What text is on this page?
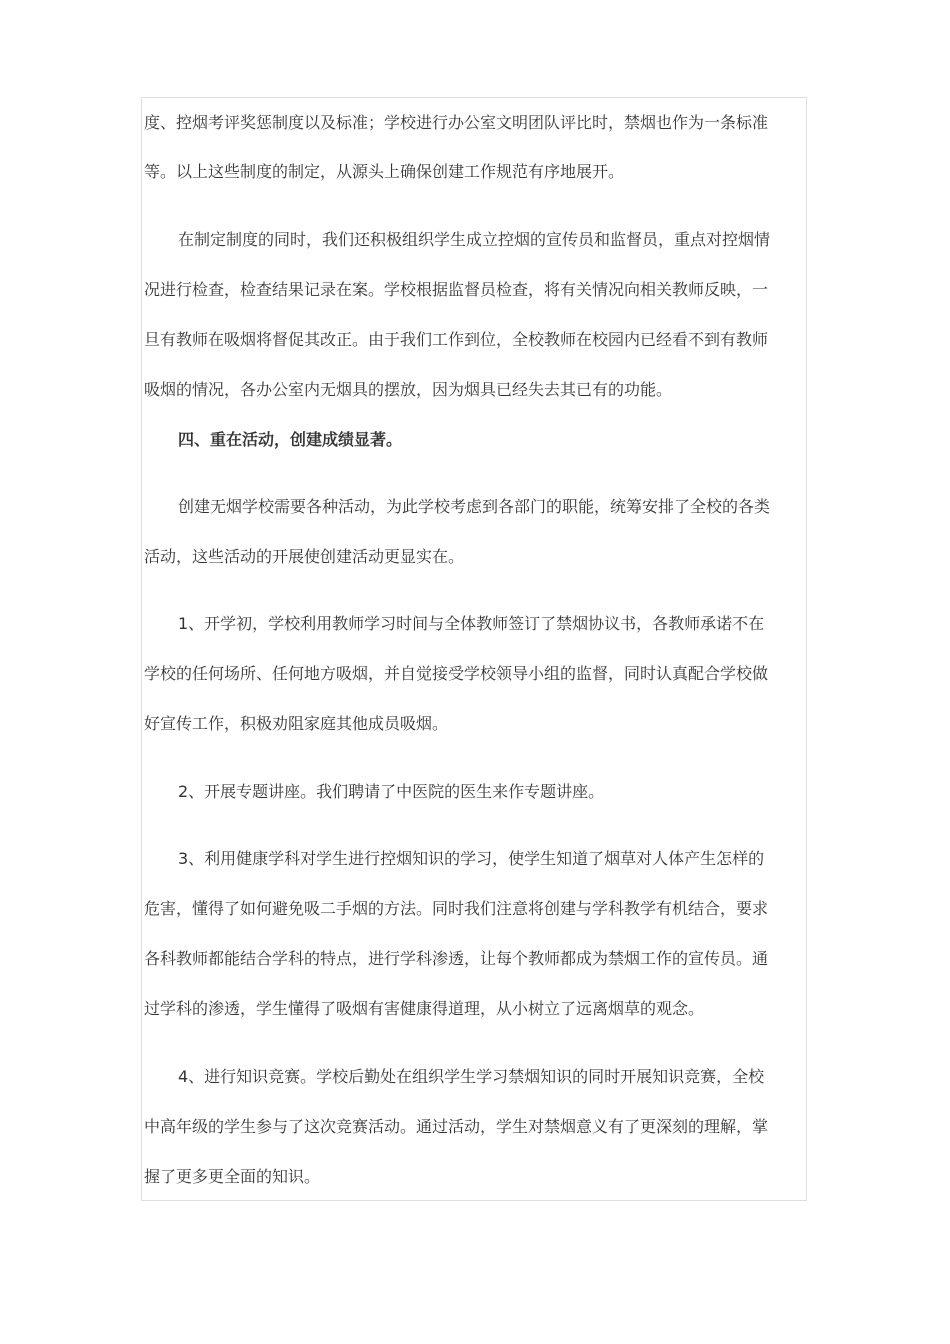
度、控烟考评奖惩制度以及标准；学校进行办公室文明团队评比时，禁烟也作为一条标准
等。以上这些制度的制定，从源头上确保创建工作规范有序地展开。
在制定制度的同时，我们还积极组织学生成立控烟的宣传员和监督员，重点对控烟情
况进行检查，检查结果记录在案。学校根据监督员检查，将有关情况向相关教师反映，一
旦有教师在吸烟将督促其改正。由于我们工作到位，全校教师在校园内已经看不到有教师
吸烟的情况，各办公室内无烟具的摆放，因为烟具已经失去其已有的功能。
四、重在活动，创建成绩显著。
创建无烟学校需要各种活动，为此学校考虑到各部门的职能，统筹安排了全校的各类
活动，这些活动的开展使创建活动更显实在。
1、开学初，学校利用教师学习时间与全体教师签订了禁烟协议书，各教师承诺不在
学校的任何场所、任何地方吸烟，并自觉接受学校领导小组的监督，同时认真配合学校做
好宣传工作，积极劝阻家庭其他成员吸烟。
2、开展专题讲座。我们聘请了中医院的医生来作专题讲座。
3、利用健康学科对学生进行控烟知识的学习，使学生知道了烟草对人体产生怎样的
危害，懂得了如何避免吸二手烟的方法。同时我们注意将创建与学科教学有机结合，要求
各科教师都能结合学科的特点，进行学科渗透，让每个教师都成为禁烟工作的宣传员。通
过学科的渗透，学生懂得了吸烟有害健康得道理，从小树立了远离烟草的观念。
4、进行知识竞赛。学校后勤处在组织学生学习禁烟知识的同时开展知识竞赛，全校
中高年级的学生参与了这次竞赛活动。通过活动，学生对禁烟意义有了更深刻的理解，掌
握了更多更全面的知识。
